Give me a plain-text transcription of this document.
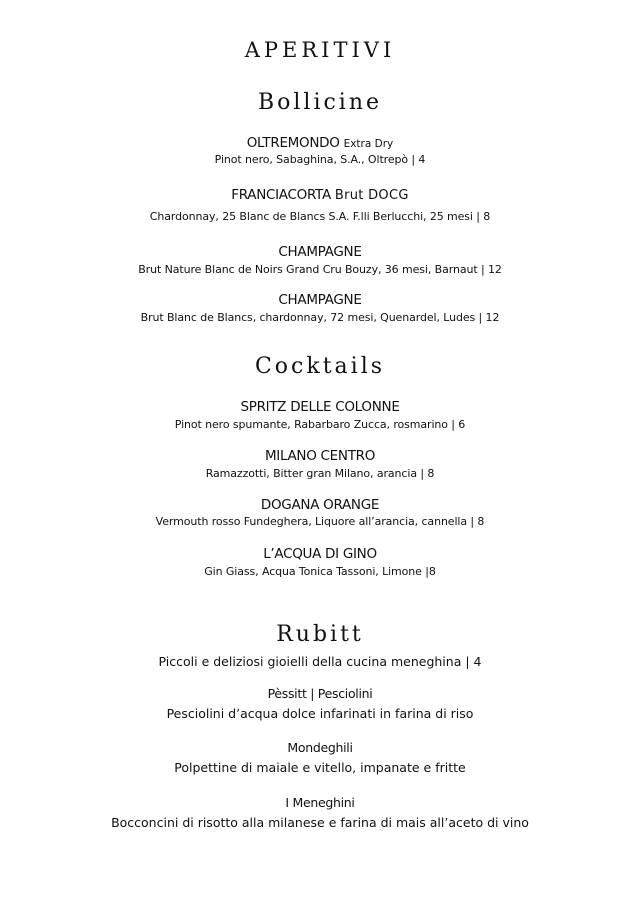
APERITIVI
Bollicine
OLTREMONDO Extra Dry
Pinot nero, Sabaghina, S.A., Oltrepò | 4
FRANCIACORTA Brut DOCG
Chardonnay, 25 Blanc de Blancs S.A. F.lli Berlucchi, 25 mesi | 8
CHAMPAGNE
Brut Nature Blanc de Noirs Grand Cru Bouzy, 36 mesi, Barnaut | 12
CHAMPAGNE
Brut Blanc de Blancs, chardonnay, 72 mesi, Quenardel, Ludes | 12
Cocktails
SPRITZ DELLE COLONNE
Pinot nero spumante, Rabarbaro Zucca, rosmarino | 6
MILANO CENTRO
Ramazzotti, Bitter gran Milano, arancia | 8
DOGANA ORANGE
Vermouth rosso Fundeghera, Liquore all’arancia, cannella | 8
L’ACQUA DI GINO
Gin Giass, Acqua Tonica Tassoni, Limone |8
Rubitt
Piccoli e deliziosi gioielli della cucina meneghina | 4
Pèssitt | Pesciolini
Pesciolini d’acqua dolce infarinati in farina di riso
Mondeghili
Polpettine di maiale e vitello, impanate e fritte
I Meneghini
Bocconcini di risotto alla milanese e farina di mais all’aceto di vino
